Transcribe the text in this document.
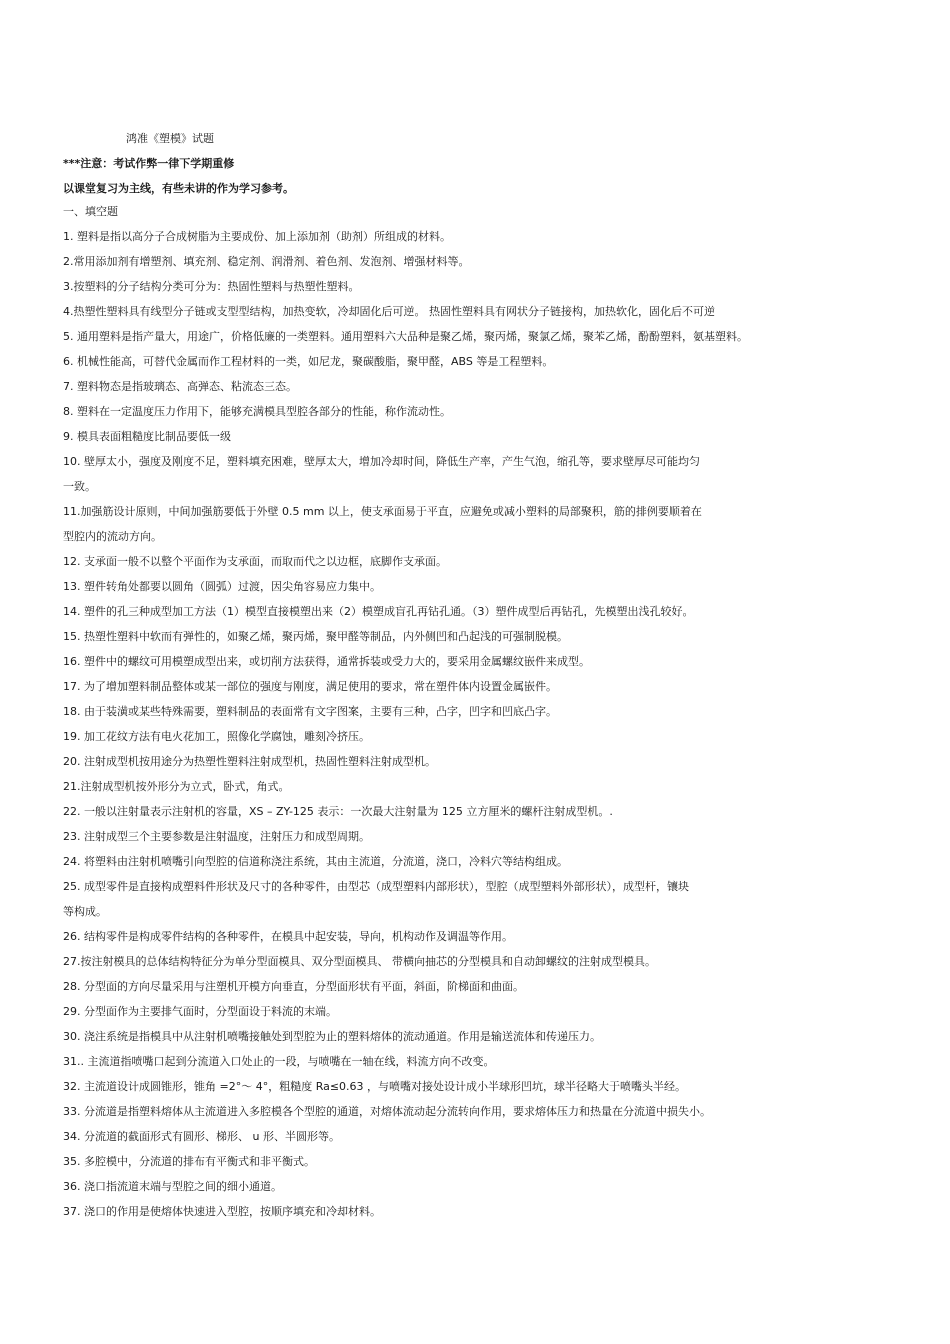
鸿准《塑模》试题
***注意：考试作弊一律下学期重修
以课堂复习为主线，有些未讲的作为学习参考。
一、填空题
1. 塑料是指以高分子合成树脂为主要成份、加上添加剂（助剂）所组成的材料。
2.常用添加剂有增塑剂、填充剂、稳定剂、润滑剂、着色剂、发泡剂、增强材料等。
3.按塑料的分子结构分类可分为：热固性塑料与热塑性塑料。
4.热塑性塑料具有线型分子链或支型型结构，加热变软，冷却固化后可逆。 热固性塑料具有网状分子链接构，加热软化，固化后不可逆
5. 通用塑料是指产量大，用途广，价格低廉的一类塑料。通用塑料六大品种是聚乙烯，聚丙烯，聚氯乙烯，聚苯乙烯，酚酚塑料，氨基塑料。
6. 机械性能高，可替代金属而作工程材料的一类，如尼龙，聚碳酸脂，聚甲醛，ABS 等是工程塑料。
7. 塑料物态是指玻璃态、高弹态、粘流态三态。
8. 塑料在一定温度压力作用下，能够充满模具型腔各部分的性能，称作流动性。
9. 模具表面粗糙度比制品要低一级
10. 壁厚太小，强度及刚度不足，塑料填充困难，壁厚太大，增加冷却时间，降低生产率，产生气泡，缩孔等，要求壁厚尽可能均匀
一致。
11.加强筋设计原则，中间加强筋要低于外壁 0.5 mm 以上，使支承面易于平直，应避免或减小塑料的局部聚积，筋的排例要顺着在
型腔内的流动方向。
12. 支承面一般不以整个平面作为支承面，而取而代之以边框，底脚作支承面。
13. 塑件转角处都要以圆角（圆弧）过渡，因尖角容易应力集中。
14. 塑件的孔三种成型加工方法（1）模型直接模塑出来（2）模塑成盲孔再钻孔通。（3）塑件成型后再钻孔，先模塑出浅孔较好。
15. 热塑性塑料中软而有弹性的，如聚乙烯，聚丙烯，聚甲醛等制品，内外侧凹和凸起浅的可强制脱模。
16. 塑件中的螺纹可用模塑成型出来，或切削方法获得，通常拆装或受力大的，要采用金属螺纹嵌件来成型。
17. 为了增加塑料制品整体或某一部位的强度与刚度，满足使用的要求，常在塑件体内设置金属嵌件。
18. 由于装潢或某些特殊需要，塑料制品的表面常有文字图案，主要有三种，凸字，凹字和凹底凸字。
19. 加工花纹方法有电火花加工，照像化学腐蚀，雕刻冷挤压。
20. 注射成型机按用途分为热塑性塑料注射成型机，热固性塑料注射成型机。
21.注射成型机按外形分为立式，卧式，角式。
22. 一般以注射量表示注射机的容量，XS – ZY-125 表示：一次最大注射量为 125 立方厘米的螺杆注射成型机。.
23. 注射成型三个主要参数是注射温度，注射压力和成型周期。
24. 将塑料由注射机喷嘴引向型腔的信道称浇注系统，其由主流道，分流道，浇口，冷料穴等结构组成。
25. 成型零件是直接构成塑料件形状及尺寸的各种零件，由型芯（成型塑料内部形状），型腔（成型塑料外部形状），成型杆，镶块
等构成。
26. 结构零件是构成零件结构的各种零件，在模具中起安装，导向，机构动作及调温等作用。
27.按注射模具的总体结构特征分为单分型面模具、双分型面模具、 带横向抽芯的分型模具和自动卸螺纹的注射成型模具。
28. 分型面的方向尽量采用与注塑机开模方向垂直，分型面形状有平面，斜面，阶梯面和曲面。
29. 分型面作为主要排气面时，分型面设于料流的末端。
30. 浇注系统是指模具中从注射机喷嘴接触处到型腔为止的塑料熔体的流动通道。作用是输送流体和传递压力。
31.. 主流道指喷嘴口起到分流道入口处止的一段，与喷嘴在一轴在线，料流方向不改变。
32. 主流道设计成圆锥形，锥角 =2°～ 4°，粗糙度 Ra≤0.63 ，与喷嘴对接处设计成小半球形凹坑，球半径略大于喷嘴头半经。
33. 分流道是指塑料熔体从主流道进入多腔模各个型腔的通道，对熔体流动起分流转向作用，要求熔体压力和热量在分流道中损失小。
34. 分流道的截面形式有圆形、梯形、 u 形、半圆形等。
35. 多腔模中，分流道的排布有平衡式和非平衡式。
36. 浇口指流道末端与型腔之间的细小通道。
37. 浇口的作用是使熔体快速进入型腔，按顺序填充和冷却材料。
